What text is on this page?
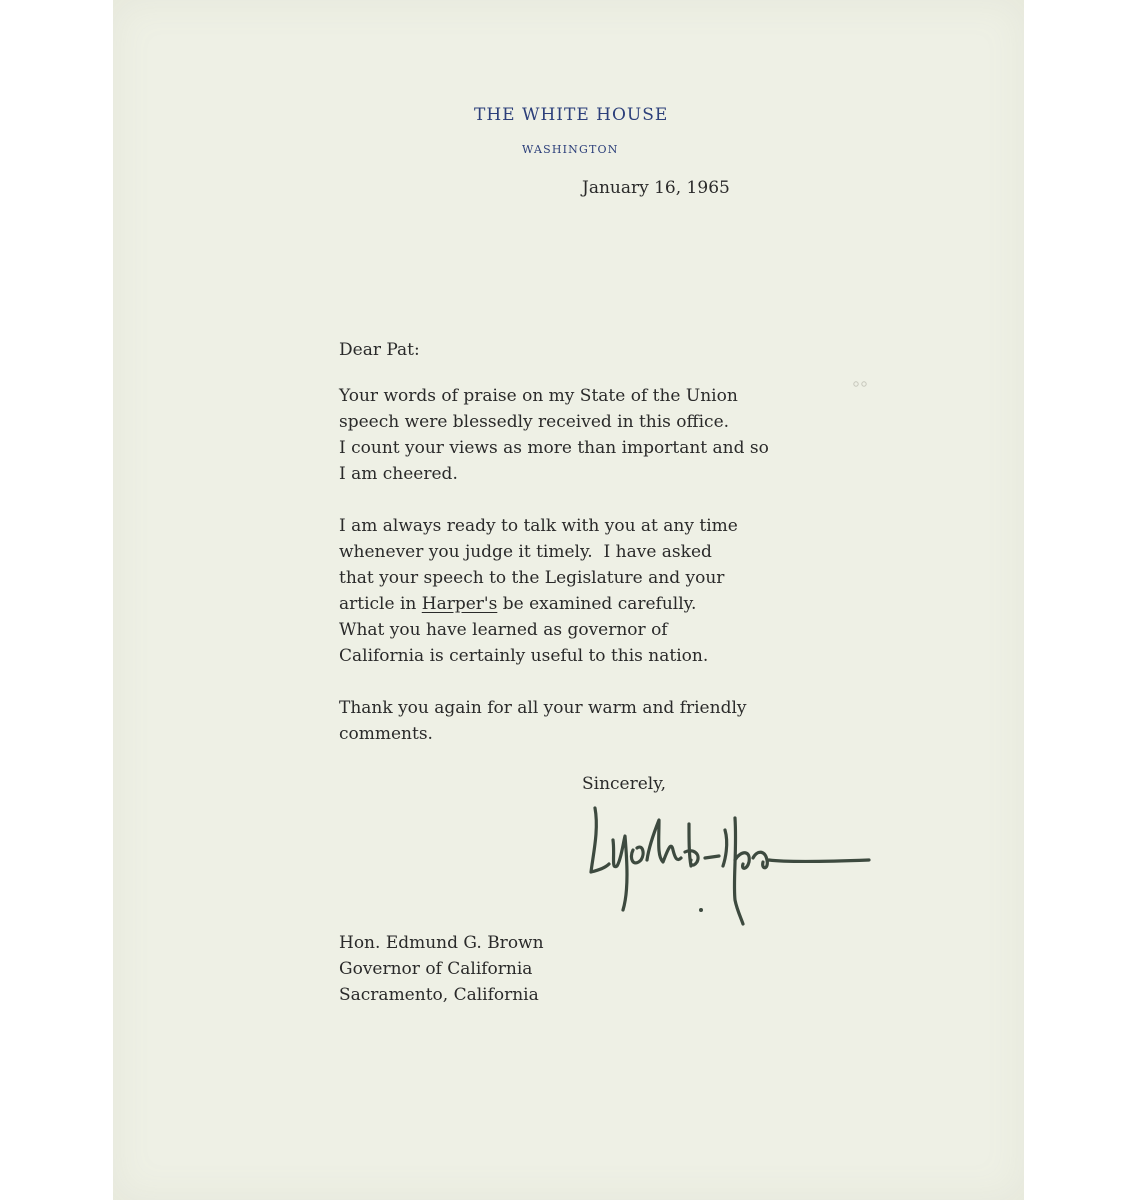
THE WHITE HOUSE
WASHINGTON
January 16, 1965
Dear Pat:
Your words of praise on my State of the Union
speech were blessedly received in this office.
I count your views as more than important and so
I am cheered.
I am always ready to talk with you at any time
whenever you judge it timely.  I have asked
that your speech to the Legislature and your
article in Harper's be examined carefully.
What you have learned as governor of
California is certainly useful to this nation.
Thank you again for all your warm and friendly
comments.
Sincerely,
Hon. Edmund G. Brown
Governor of California
Sacramento, California
